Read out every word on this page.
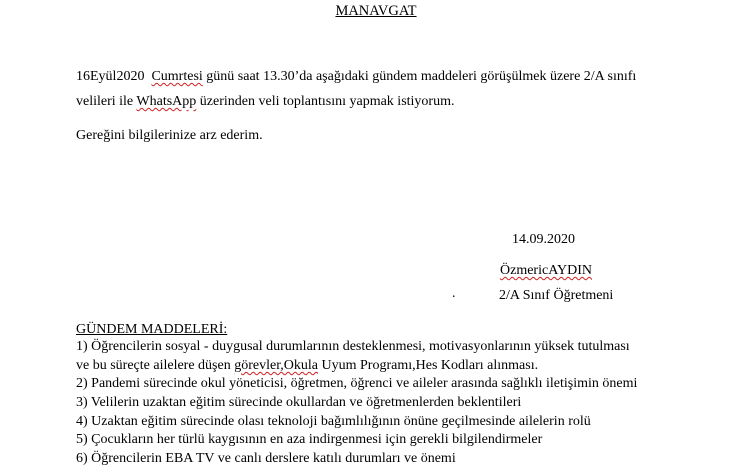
MANAVGAT
16Eyül2020 Cumrtesi günü saat 13.30’da aşağıdaki gündem maddeleri görüşülmek üzere 2/A sınıfı
velileri ile WhatsApp üzerinden veli toplantısını yapmak istiyorum.
Gereğini bilgilerinize arz ederim.
14.09.2020
ÖzmericAYDIN
.	2/A Sınıf Öğretmeni
GÜNDEM MADDELERİ:
1) Öğrencilerin sosyal - duygusal durumlarının desteklenmesi, motivasyonlarının yüksek tutulması
ve bu süreçte ailelere düşen görevler,Okula Uyum Programı,Hes Kodları alınması.
2) Pandemi sürecinde okul yöneticisi, öğretmen, öğrenci ve aileler arasında sağlıklı iletişimin önemi
3) Velilerin uzaktan eğitim sürecinde okullardan ve öğretmenlerden beklentileri
4) Uzaktan eğitim sürecinde olası teknoloji bağımlılığının önüne geçilmesinde ailelerin rolü
5) Çocukların her türlü kaygısının en aza indirgenmesi için gerekli bilgilendirmeler
6) Öğrencilerin EBA TV ve canlı derslere katılı durumları ve önemi
